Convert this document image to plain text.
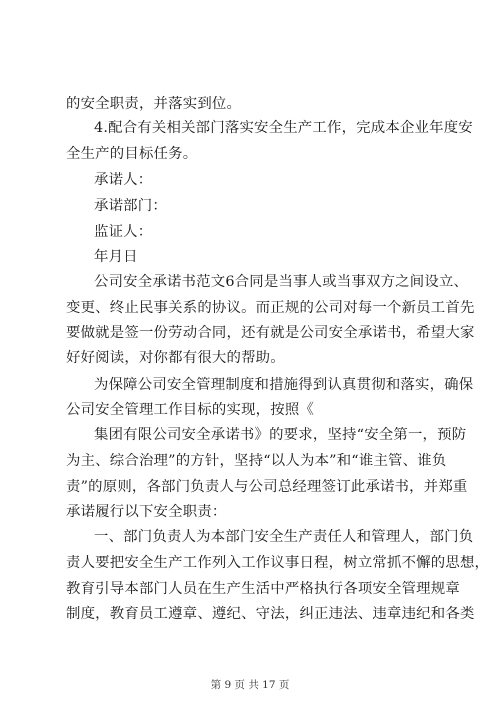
的安全职责，并落实到位。
4.配合有关相关部门落实安全生产工作，完成本企业年度安
全生产的目标任务。
承诺人：
承诺部门：
监证人：
年月日
公司安全承诺书范文6合同是当事人或当事双方之间设立、
变更、终止民事关系的协议。而正规的公司对每一个新员工首先
要做就是签一份劳动合同，还有就是公司安全承诺书，希望大家
好好阅读，对你都有很大的帮助。
为保障公司安全管理制度和措施得到认真贯彻和落实，确保
公司安全管理工作目标的实现，按照《
集团有限公司安全承诺书》的要求，坚持“安全第一，预防
为主、综合治理”的方针，坚持“以人为本”和“谁主管、谁负
责”的原则，各部门负责人与公司总经理签订此承诺书，并郑重
承诺履行以下安全职责：
一、部门负责人为本部门安全生产责任人和管理人，部门负
责人要把安全生产工作列入工作议事日程，树立常抓不懈的思想，
教育引导本部门人员在生产生活中严格执行各项安全管理规章
制度，教育员工遵章、遵纪、守法，纠正违法、违章违纪和各类
第 9 页 共 17 页
